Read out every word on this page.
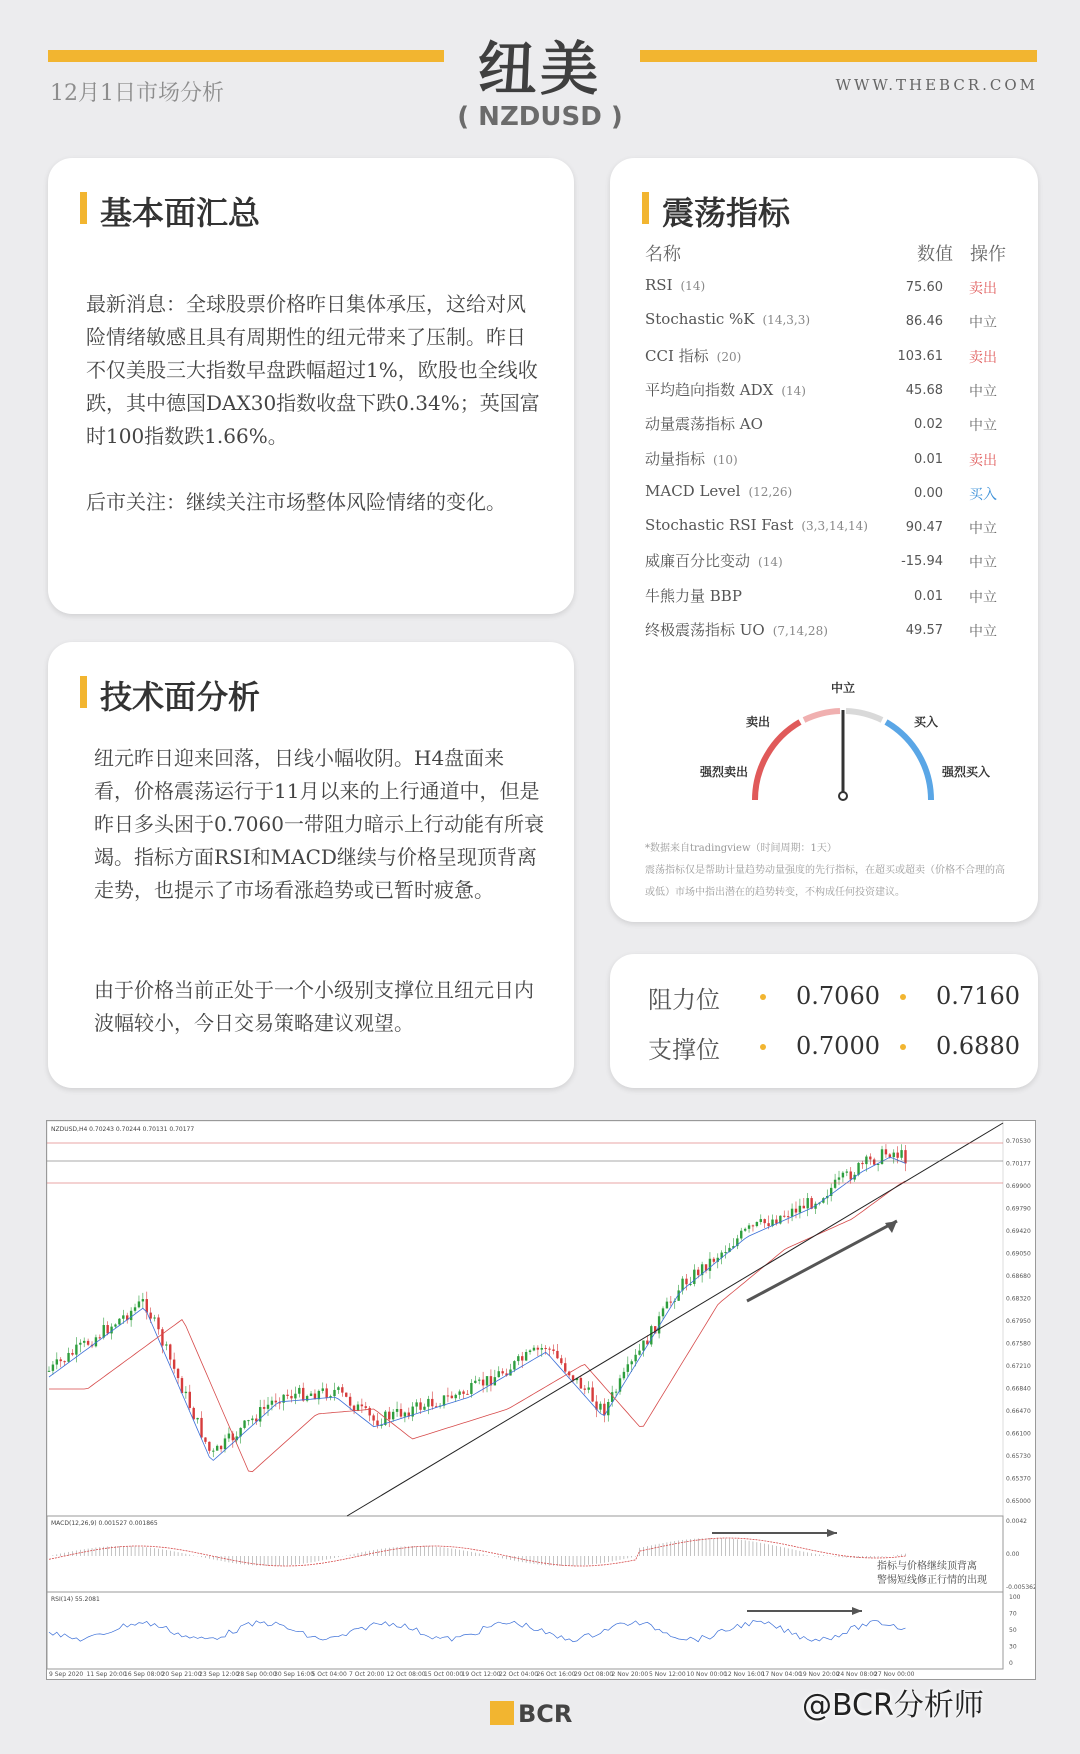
纽美
( NZDUSD )
12月1日市场分析	WWW.THEBCR.COM
基本面汇总
最新消息：全球股票价格昨日集体承压，这给对风险情绪敏感且具有周期性的纽元带来了压制。昨日不仅美股三大指数早盘跌幅超过1%，欧股也全线收跌，其中德国DAX30指数收盘下跌0.34%；英国富时100指数跌1.66%。
后市关注：继续关注市场整体风险情绪的变化。
技术面分析
纽元昨日迎来回落，日线小幅收阴。H4盘面来看，价格震荡运行于11月以来的上行通道中，但是昨日多头困于0.7060一带阻力暗示上行动能有所衰竭。指标方面RSI和MACD继续与价格呈现顶背离走势，也提示了市场看涨趋势或已暂时疲惫。
由于价格当前正处于一个小级别支撑位且纽元日内波幅较小，今日交易策略建议观望。
震荡指标
名称	数值 操作
RSI (14)	75.60 卖出
Stochastic %K (14,3,3)	86.46 中立
CCI 指标 (20)	103.61 卖出
平均趋向指数 ADX (14)	45.68 中立
动量震荡指标 AO	0.02 中立
动量指标 (10)	0.01 卖出
MACD Level (12,26)	0.00 买入
Stochastic RSI Fast (3,3,14,14)	90.47 中立
威廉百分比变动 (14)	-15.94 中立
牛熊力量 BBP	0.01 中立
终极震荡指标 UO (7,14,28)	49.57 中立
强烈卖出
卖出
中立
买入
强烈买入
*数据来自tradingview（时间周期：1天）
震荡指标仅是帮助计量趋势动量强度的先行指标，在超买或超卖（价格不合理的高或低）市场中指出潜在的趋势转变，不构成任何投资建议。
阻力位	0.7060 0.7160
支撑位	0.7000 0.6880
NZDUSD,H4 0.70243 0.70244 0.70131 0.70177
MACD(12,26,9) 0.001527 0.001865
RSI(14) 55.2081
指标与价格继续顶背离
警惕短线修正行情的出现
0.70530
0.70177
0.69900
0.69790
0.69420
0.69050
0.68680
0.68320
0.67950
0.67580
0.67210
0.66840
0.66470
0.66100
0.65730
0.65370
0.65000
0.0042
0.00
-0.005362
100
70
50
30
0
9 Sep 2020 11 Sep 20:00
16 Sep 08:00
20 Sep 21:00
23 Sep 12:00
28 Sep 00:00
30 Sep 16:00
5 Oct 04:00 7 Oct 20:00 12 Oct 08:00
15 Oct 00:00
19 Oct 12:00
22 Oct 04:00
26 Oct 16:00
29 Oct 08:00
2 Nov 20:00 5 Nov 12:00 10 Nov 00:00
12 Nov 16:00
17 Nov 04:00
19 Nov 20:00
24 Nov 08:00
27 Nov 00:00
BCR	@BCR分析师
